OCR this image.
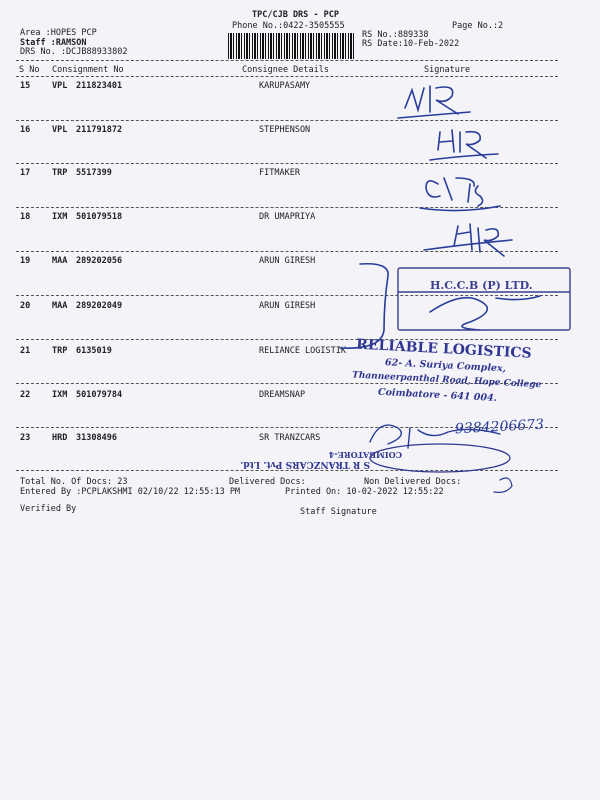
TPC/CJB DRS - PCP
Phone No.:0422-3505555
Area :HOPES PCP
Staff :RAMSON
DRS No. :DCJB88933802
RS No.:889338
RS Date:10-Feb-2022
Page No.:2
S No Consignment No	Consignee Details	Signature
15	VPL 211823401	KARUPASAMY
16	VPL 211791872	STEPHENSON
17	TRP 5517399	FITMAKER
18	IXM 501079518	DR UMAPRIYA
19	MAA 289202056	ARUN GIRESH
20	MAA 289202049	ARUN GIRESH
21	TRP 6135019	RELIANCE LOGISTIK
22	IXM 501079784	DREAMSNAP
23	HRD 31308496	SR TRANZCARS
Total No. Of Docs: 23	Delivered Docs:	Non Delivered Docs:
Entered By :PCPLAKSHMI 02/10/22 12:55:13 PM	Printed On: 10-02-2022 12:55:22
Verified By	Staff Signature
H.C.C.B (P) LTD.
RELIABLE LOGISTICS
62- A. Suriya Complex,
Thanneerpanthal Road, Hope College
Coimbatore - 641 004.
9384206673
S R TRANZCARS Pvt. Ltd.
COIMBATORE-4
